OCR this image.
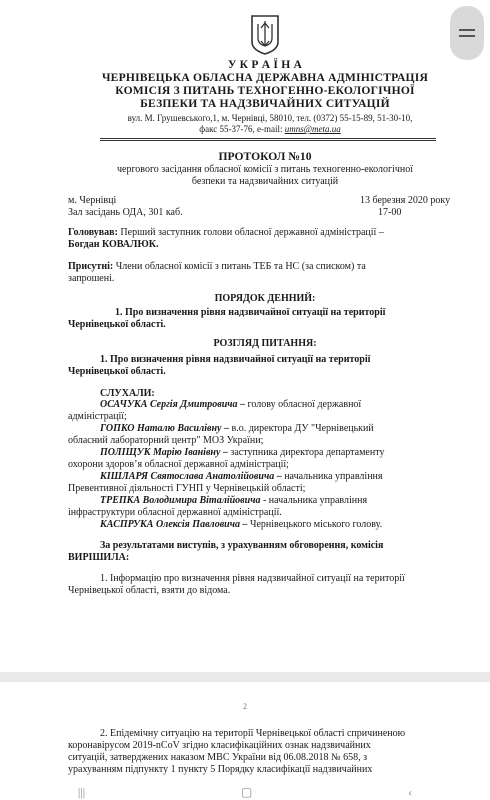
У К Р А Ї Н А
ЧЕРНІВЕЦЬКА ОБЛАСНА ДЕРЖАВНА АДМІНІСТРАЦІЯ
КОМІСІЯ З ПИТАНЬ ТЕХНОГЕННО-ЕКОЛОГІЧНОЇ
БЕЗПЕКИ ТА НАДЗВИЧАЙНИХ СИТУАЦІЙ
вул. М. Грушевського,1, м. Чернівці, 58010, тел. (0372) 55-15-89, 51-30-10,
факс 55-37-76, e-mail: umns@meta.ua
ПРОТОКОЛ №10
чергового засідання обласної комісії з питань техногенно-екологічної
безпеки та надзвичайних ситуацій
м. Чернівці	13 березня 2020 року
Зал засідань ОДА, 301 каб.	17-00
Головував: Перший заступник голови обласної державної адміністрації –
Богдан КОВАЛЮК.
Присутні: Члени обласної комісії з питань ТЕБ та НС (за списком) та
запрошені.
ПОРЯДОК ДЕННИЙ:
1. Про визначення рівня надзвичайної ситуації на території
Чернівецької області.
РОЗГЛЯД ПИТАННЯ:
1. Про визначення рівня надзвичайної ситуації на території
Чернівецької області.
СЛУХАЛИ:
ОСАЧУКА Сергія Дмитровича – голову обласної державної
адміністрації;
ГОПКО Наталю Василівну – в.о. директора ДУ "Чернівецький
обласний лабораторний центр" МОЗ України;
ПОЛІЩУК Марію Іванівну – заступника директора департаменту
охорони здоров’я обласної державної адміністрації;
КІШЛАРЯ Святослава Анатолійовича – начальника управління
Превентивної діяльності ГУНП у Чернівецькій області;
ТРЕПКА Володимира Віталійовича - начальника управління
інфраструктури обласної державної адміністрації.
КАСПРУКА Олексія Павловича – Чернівецького міського голову.
За результатами виступів, з урахуванням обговорення, комісія
ВИРІШИЛА:
1. Інформацію про визначення рівня надзвичайної ситуації на території
Чернівецької області, взяти до відома.
2
2. Епідемічну ситуацію на території Чернівецької області спричиненою
коронавірусом 2019-nCoV згідно класифікаційних ознак надзвичайних
ситуацій, затверджених наказом МВС України від 06.08.2018 № 658, з
урахуванням підпункту 1 пункту 5 Порядку класифікації надзвичайних
|||	▢	‹
